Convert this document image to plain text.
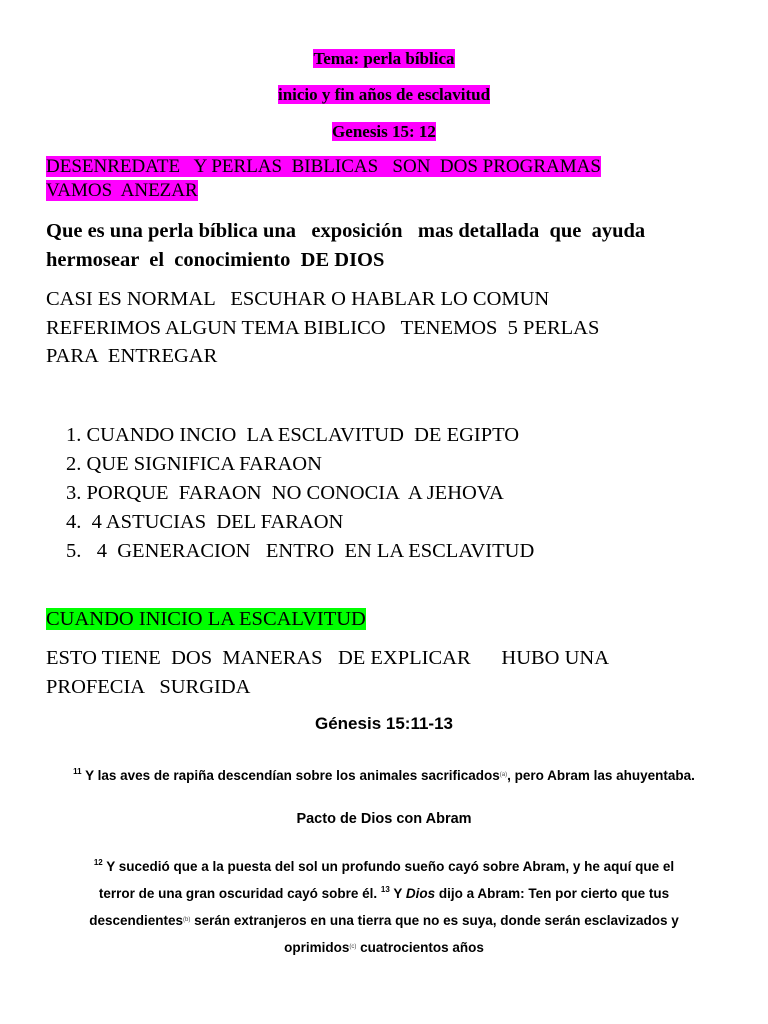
Tema: perla bíblica
inicio y fin años de esclavitud
Genesis 15: 12
DESENREDATE   Y PERLAS  BIBLICAS   SON  DOS PROGRAMAS
VAMOS  ANEZAR
Que es una perla bíblica una   exposición   mas detallada  que  ayuda
hermosear  el  conocimiento  DE DIOS
CASI ES NORMAL   ESCUHAR O HABLAR LO COMUN
REFERIMOS ALGUN TEMA BIBLICO   TENEMOS  5 PERLAS
PARA  ENTREGAR
1. CUANDO INCIO  LA ESCLAVITUD  DE EGIPTO
2. QUE SIGNIFICA FARAON
3. PORQUE  FARAON  NO CONOCIA  A JEHOVA
4.  4 ASTUCIAS  DEL FARAON
5.   4  GENERACION   ENTRO  EN LA ESCLAVITUD
CUANDO INICIO LA ESCALVITUD
ESTO TIENE  DOS  MANERAS   DE EXPLICAR      HUBO UNA
PROFECIA   SURGIDA
Génesis 15:11-13
$^{11}$ Y las aves de rapiña descendían sobre los animales sacrificados$^{(a)}$, pero Abram las ahuyentaba.
Pacto de Dios con Abram
$^{12}$ Y sucedió que a la puesta del sol un profundo sueño cayó sobre Abram, y he aquí que el
terror de una gran oscuridad cayó sobre él. $^{13}$ Y Dios dijo a Abram: Ten por cierto que tus
descendientes$^{(b)}$ serán extranjeros en una tierra que no es suya, donde serán esclavizados y
oprimidos$^{(c)}$ cuatrocientos años
